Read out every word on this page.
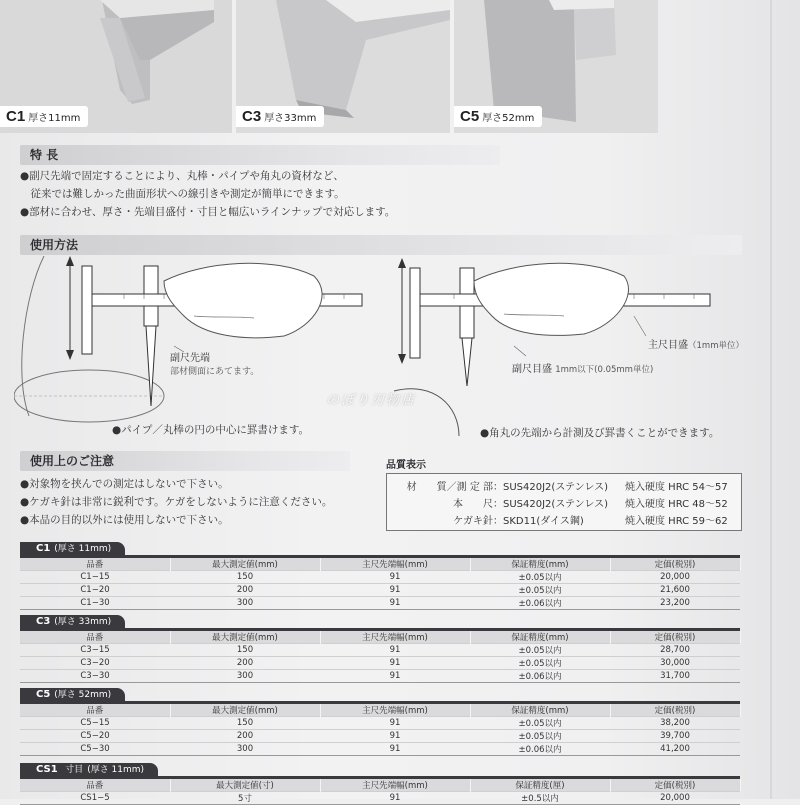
C1 厚さ11mm	C3 厚さ33mm	C5 厚さ52mm
特 長
●副尺先端で固定することにより、丸棒・パイプや角丸の資材など、
　従来では難しかった曲面形状への線引きや測定が簡単にできます。
●部材に合わせ、厚さ・先端目盛付・寸目と幅広いラインナップで対応します。
使用方法
副尺先端
部材側面にあてます。
●パイプ／丸棒の円の中心に罫書けます。
主尺目盛（1mm単位）
副尺目盛 1mm以下(0.05mm単位)
●角丸の先端から計測及び罫書くことができます。
のぼり刃物店
使用上のご注意
●対象物を挟んでの測定はしないで下さい。
●ケガキ針は非常に鋭利です。ケガをしないように注意ください。
●本品の目的以外には使用しないで下さい。
品質表示
材　　質／測 定 部： SUS420J2(ステンレス) 焼入硬度 HRC 54～57
本　　尺： SUS420J2(ステンレス) 焼入硬度 HRC 48～52
ケガキ針： SKD11(ダイス鋼)	焼入硬度 HRC 59～62
C1 (厚さ 11mm)
品番	最大測定値(mm)	主尺先端幅(mm)	保証精度(mm)	定価(税別)
C1−15	150	91	±0.05以内	20,000
C1−20	200	91	±0.05以内	21,600
C1−30	300	91	±0.06以内	23,200
C3 (厚さ 33mm)
品番	最大測定値(mm)	主尺先端幅(mm)	保証精度(mm)	定価(税別)
C3−15	150	91	±0.05以内	28,700
C3−20	200	91	±0.05以内	30,000
C3−30	300	91	±0.06以内	31,700
C5 (厚さ 52mm)
品番	最大測定値(mm)	主尺先端幅(mm)	保証精度(mm)	定価(税別)
C5−15	150	91	±0.05以内	38,200
C5−20	200	91	±0.05以内	39,700
C5−30	300	91	±0.06以内	41,200
CS1 寸目 (厚さ 11mm)
品番	最大測定値(寸)	主尺先端幅(mm)	保証精度(厘)	定価(税別)
CS1−5	5寸	91	±0.5以内	20,000
